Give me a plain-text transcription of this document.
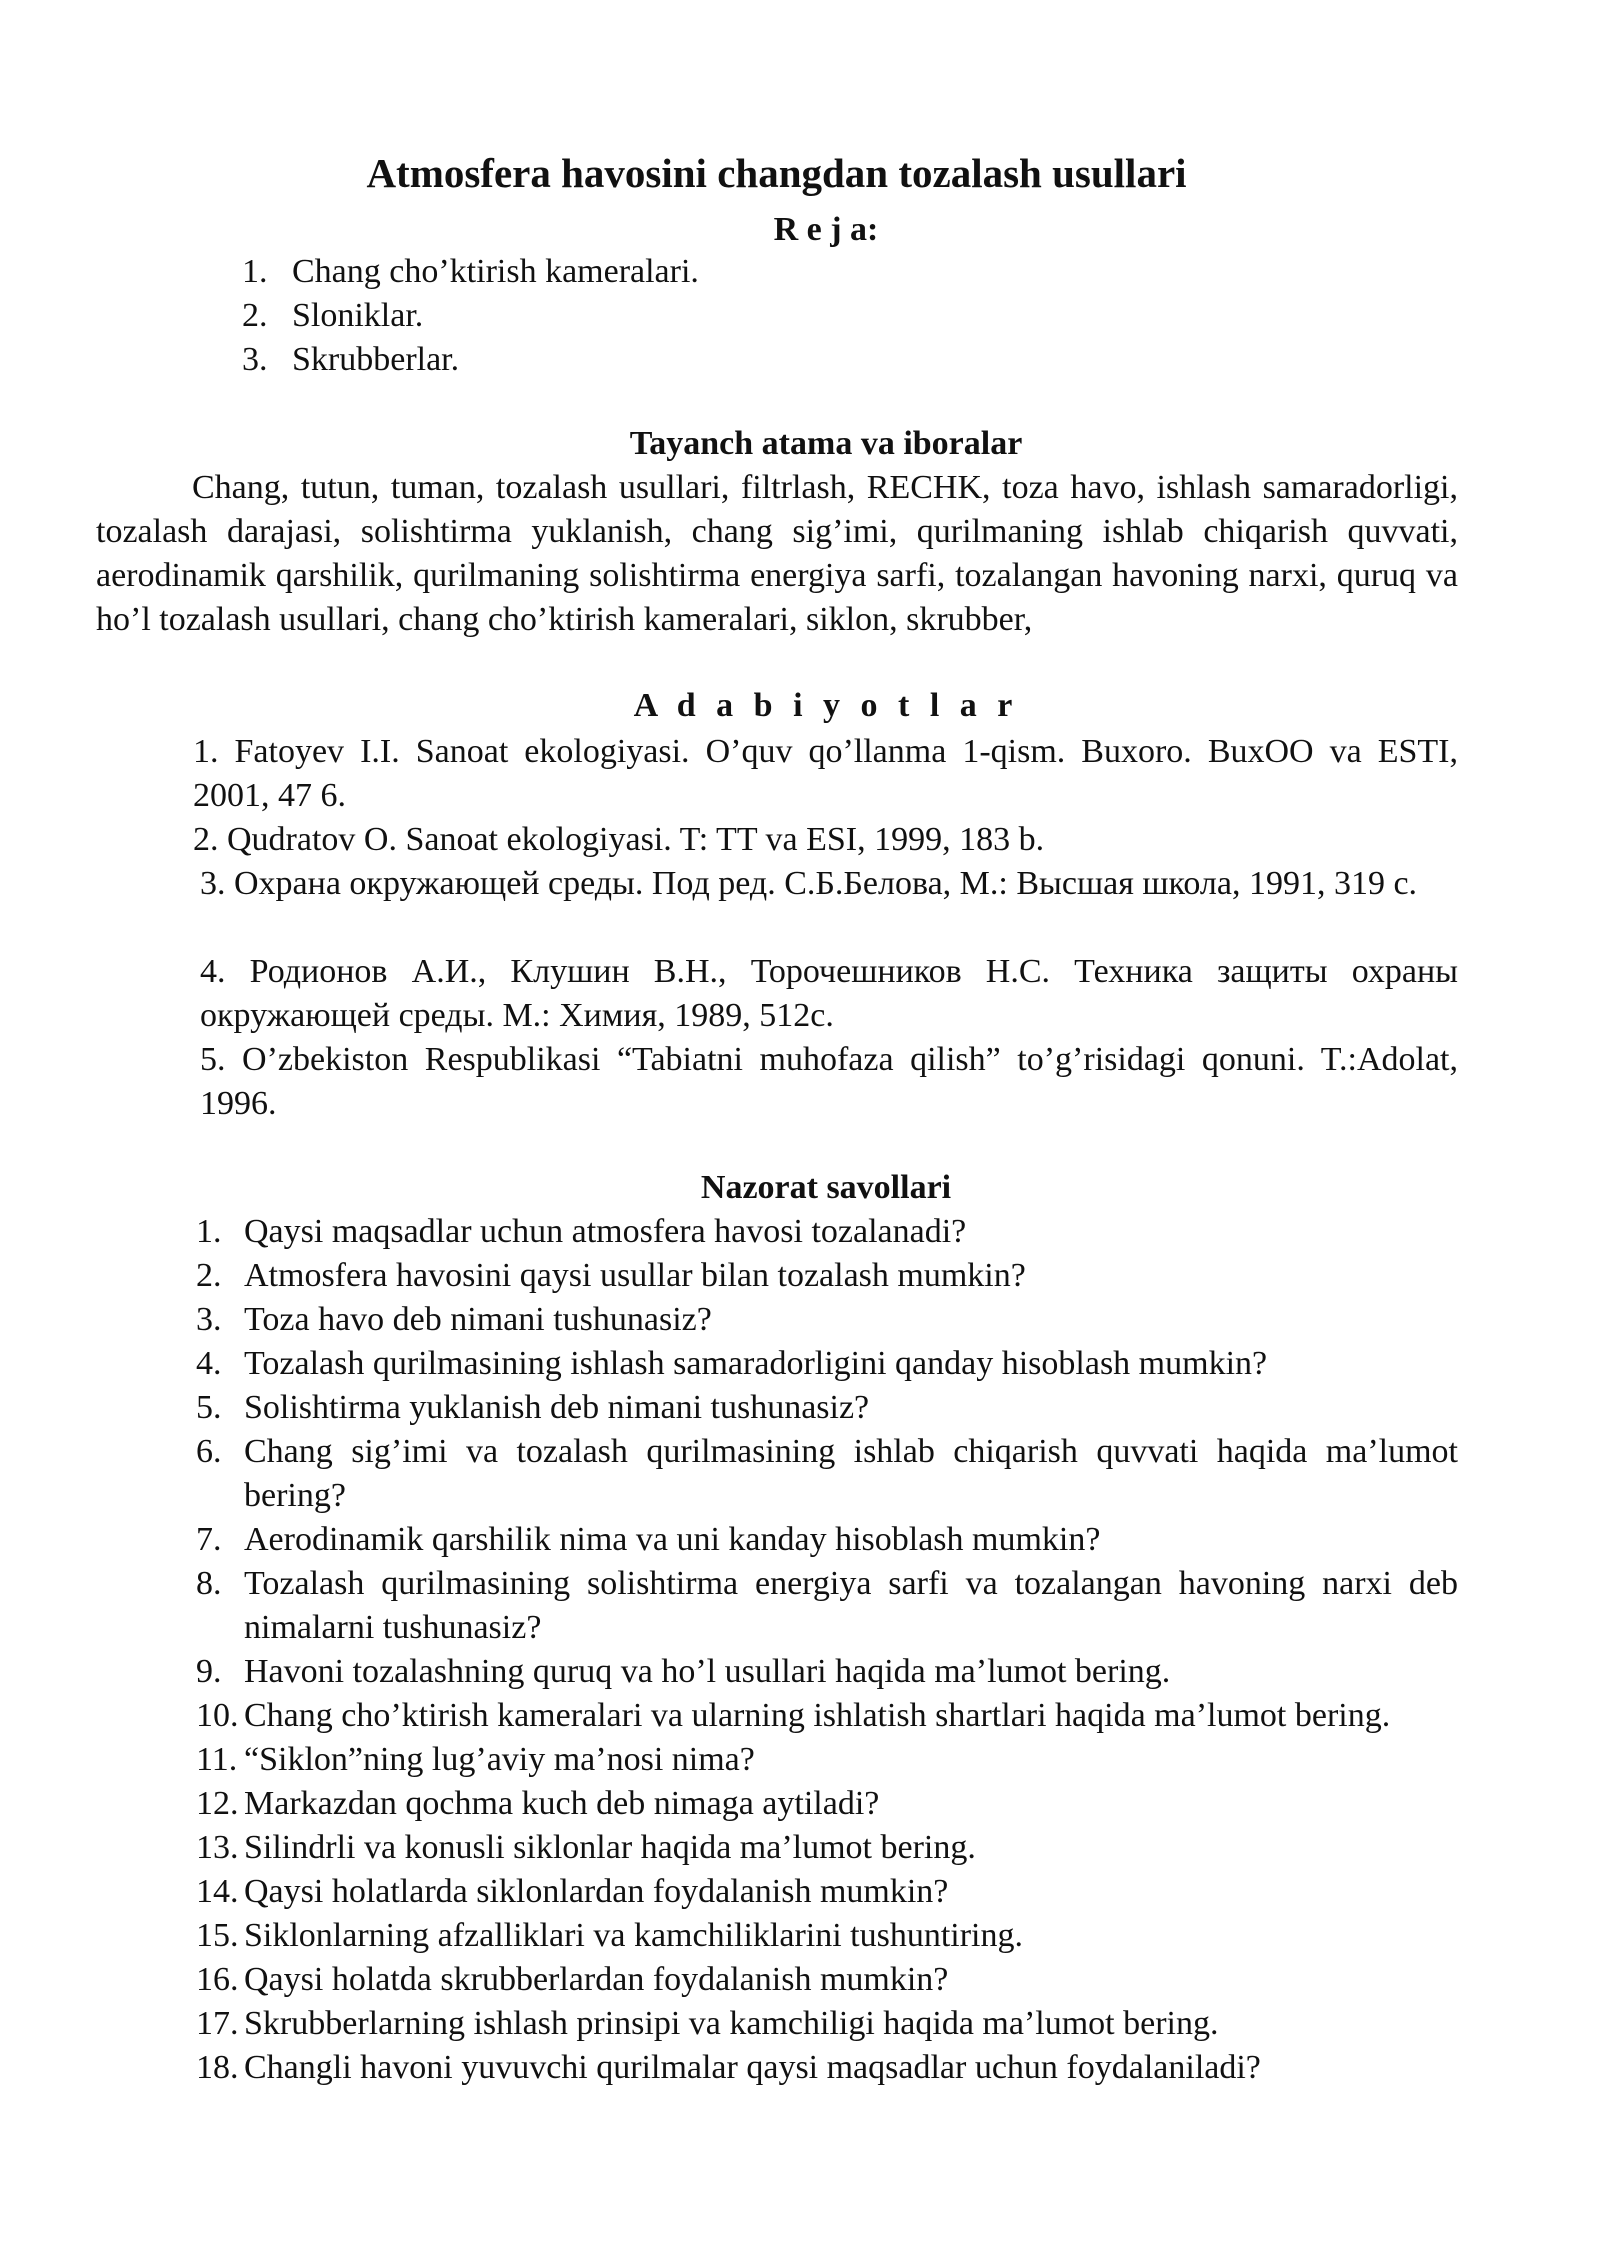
Atmosfera havosini changdan tozalash usullari
R e j a:
1. Chang cho’ktirish kameralari.
2. Sloniklar.
3. Skrubberlar.
Tayanch atama va iboralar
Chang, tutun, tuman, tozalash usullari, filtrlash, RECHK, toza havo, ishlash samaradorligi, tozalash darajasi, solishtirma yuklanish, chang sig’imi, qurilmaning ishlab chiqarish quvvati, aerodinamik qarshilik, qurilmaning solishtirma energiya sarfi, tozalangan havoning narxi, quruq va ho’l tozalash usullari, chang cho’ktirish kameralari, siklon, skrubber,
A d a b i y o t l a r
1. Fatoyev I.I. Sanoat ekologiyasi. O’quv qo’llanma 1-qism. Buxoro. BuxOO va ESTI, 2001, 47 6.
2. Qudratov O. Sanoat ekologiyasi. T: TT va ESI, 1999, 183 b.
3. Охрана окружающей среды. Под ред. С.Б.Белова, М.: Высшая школа, 1991, 319 с.
4. Родионов А.И., Клушин В.Н., Торочешников Н.С. Техника защиты охраны окружающей среды. М.: Химия, 1989, 512с.
5. O’zbekiston Respublikasi “Tabiatni muhofaza qilish” to’g’risidagi qonuni. T.:Adolat, 1996.
Nazorat savollari
1. Qaysi maqsadlar uchun atmosfera havosi tozalanadi?
2. Atmosfera havosini qaysi usullar bilan tozalash mumkin?
3. Toza havo deb nimani tushunasiz?
4. Tozalash qurilmasining ishlash samaradorligini qanday hisoblash mumkin?
5. Solishtirma yuklanish deb nimani tushunasiz?
6. Chang sig’imi va tozalash qurilmasining ishlab chiqarish quvvati haqida ma’lumot bering?
7. Aerodinamik qarshilik nima va uni kanday hisoblash mumkin?
8. Tozalash qurilmasining solishtirma energiya sarfi va tozalangan havoning narxi deb nimalarni tushunasiz?
9. Havoni tozalashning quruq va ho’l usullari haqida ma’lumot bering.
10. Chang cho’ktirish kameralari va ularning ishlatish shartlari haqida ma’lumot bering.
11. “Siklon”ning lug’aviy ma’nosi nima?
12. Markazdan qochma kuch deb nimaga aytiladi?
13. Silindrli va konusli siklonlar haqida ma’lumot bering.
14. Qaysi holatlarda siklonlardan foydalanish mumkin?
15. Siklonlarning afzalliklari va kamchiliklarini tushuntiring.
16. Qaysi holatda skrubberlardan foydalanish mumkin?
17. Skrubberlarning ishlash prinsipi va kamchiligi haqida ma’lumot bering.
18. Changli havoni yuvuvchi qurilmalar qaysi maqsadlar uchun foydalaniladi?
